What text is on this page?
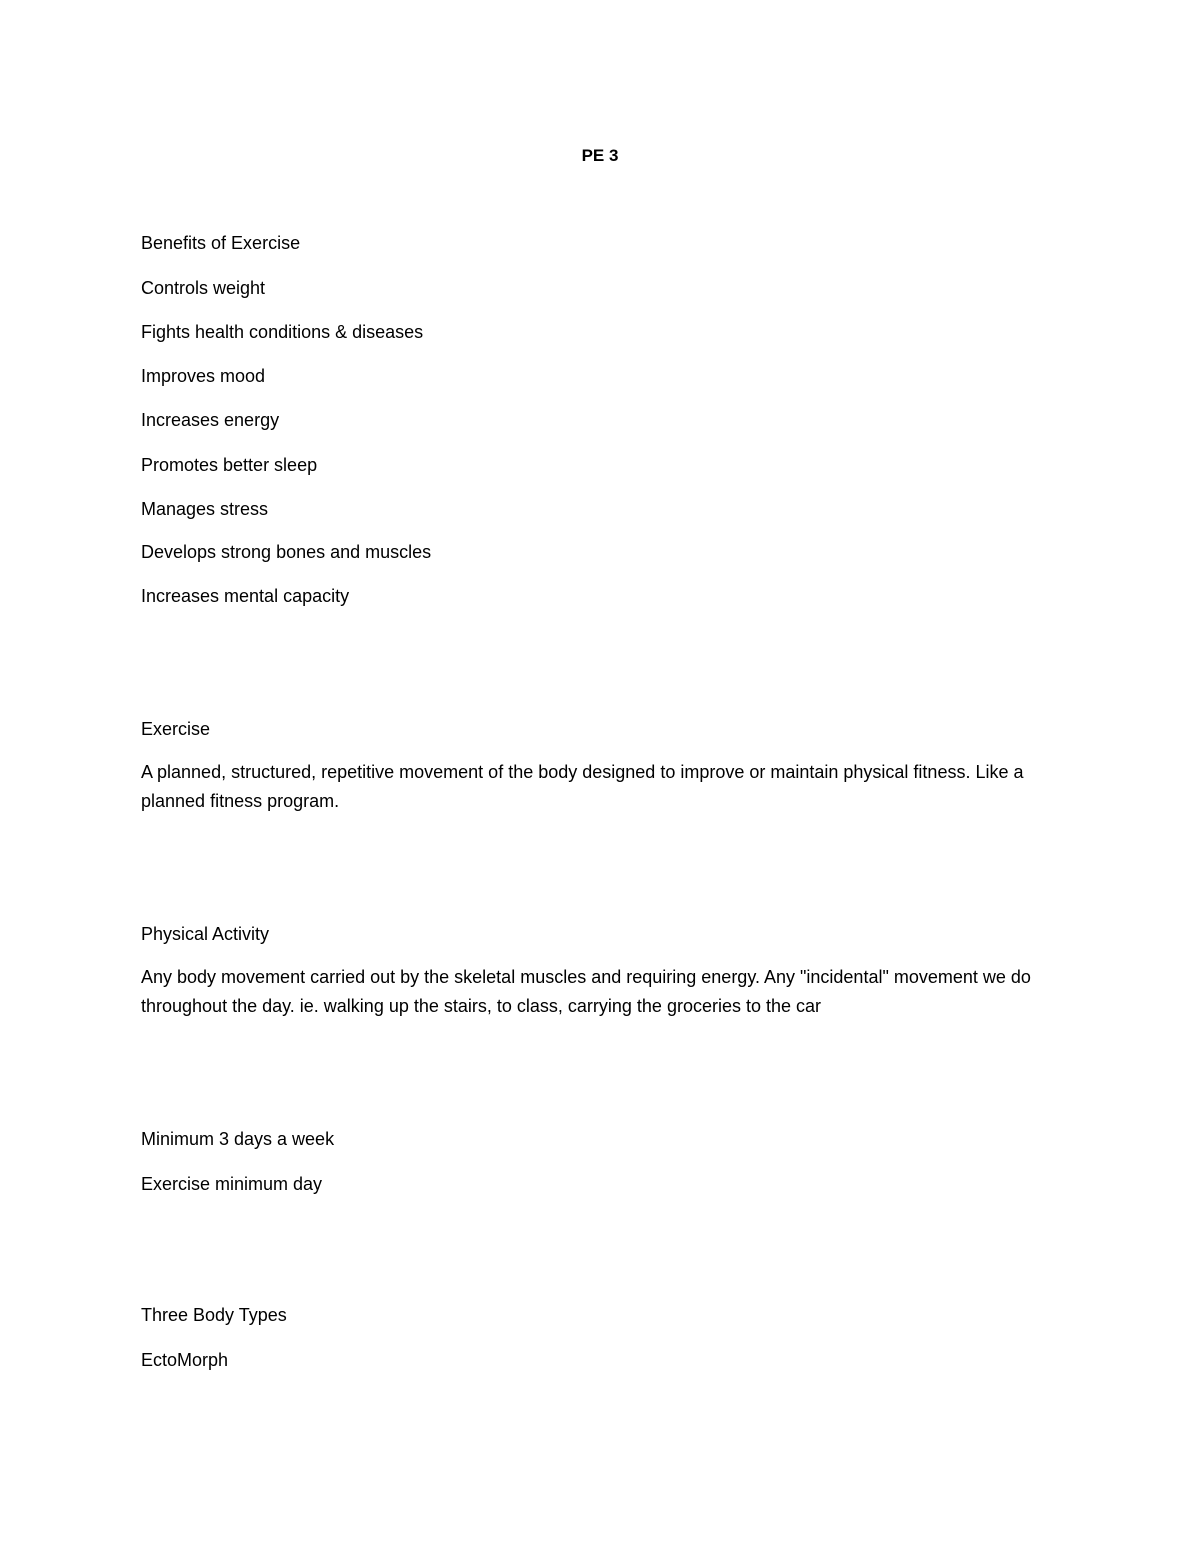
PE 3
Benefits of Exercise
Controls weight
Fights health conditions & diseases
Improves mood
Increases energy
Promotes better sleep
Manages stress
Develops strong bones and muscles
Increases mental capacity
Exercise
A planned, structured, repetitive movement of the body designed to improve or maintain physical fitness. Like a planned fitness program.
Physical Activity
Any body movement carried out by the skeletal muscles and requiring energy. Any "incidental" movement we do throughout the day. ie. walking up the stairs, to class, carrying the groceries to the car
Minimum 3 days a week
Exercise minimum day
Three Body Types
EctoMorph
